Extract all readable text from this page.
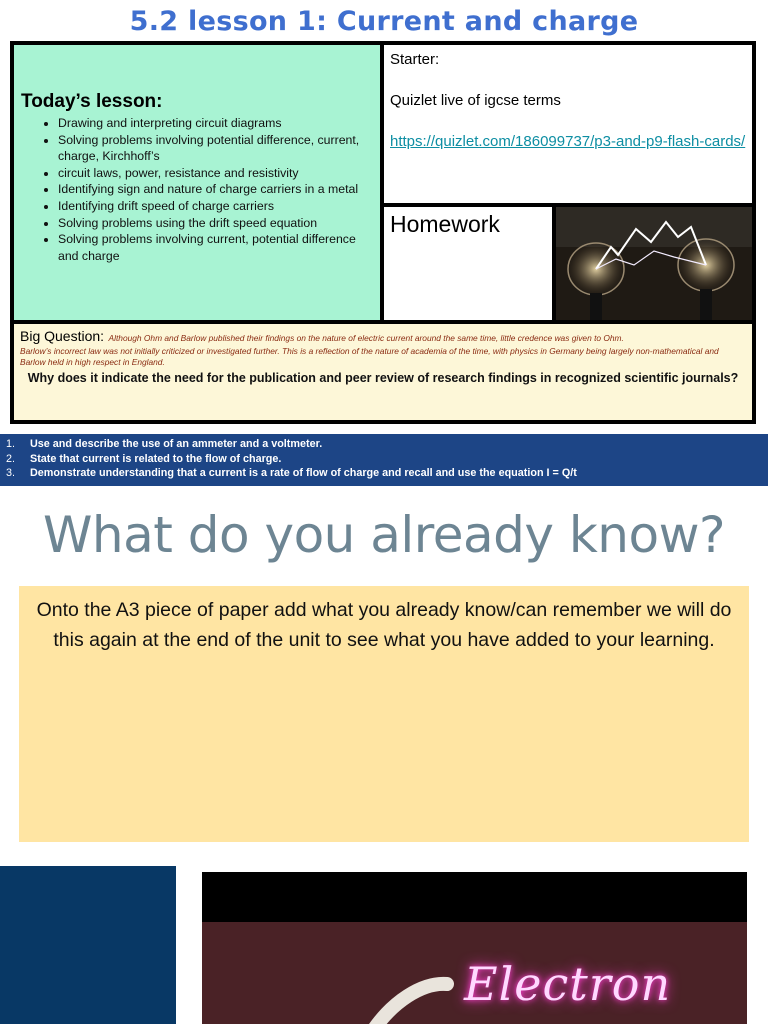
5.2 lesson 1: Current and charge
Today’s lesson:
• Drawing and interpreting circuit diagrams
• Solving problems involving potential difference, current, charge, Kirchhoff’s
• circuit laws, power, resistance and resistivity
• Identifying sign and nature of charge carriers in a metal
• Identifying drift speed of charge carriers
• Solving problems using the drift speed equation
• Solving problems involving current, potential difference and charge
Starter:
Quizlet live of igcse terms
https://quizlet.com/186099737/p3-and-p9-flash-cards/
Homework
Big Question: Although Ohm and Barlow published their findings on the nature of electric current around the same time, little credence was given to Ohm.
Barlow’s incorrect law was not initially criticized or investigated further. This is a reflection of the nature of academia of the time, with physics in Germany being largely non-mathematical and Barlow held in high respect in England.
Why does it indicate the need for the publication and peer review of research findings in recognized scientific journals?
1. Use and describe the use of an ammeter and a voltmeter.
2. State that current is related to the flow of charge.
3. Demonstrate understanding that a current is a rate of flow of charge and recall and use the equation I = Q/t
What do you already know?
Onto the A3 piece of paper add what you already know/can remember we will do this again at the end of the unit to see what you have added to your learning.
Electron
